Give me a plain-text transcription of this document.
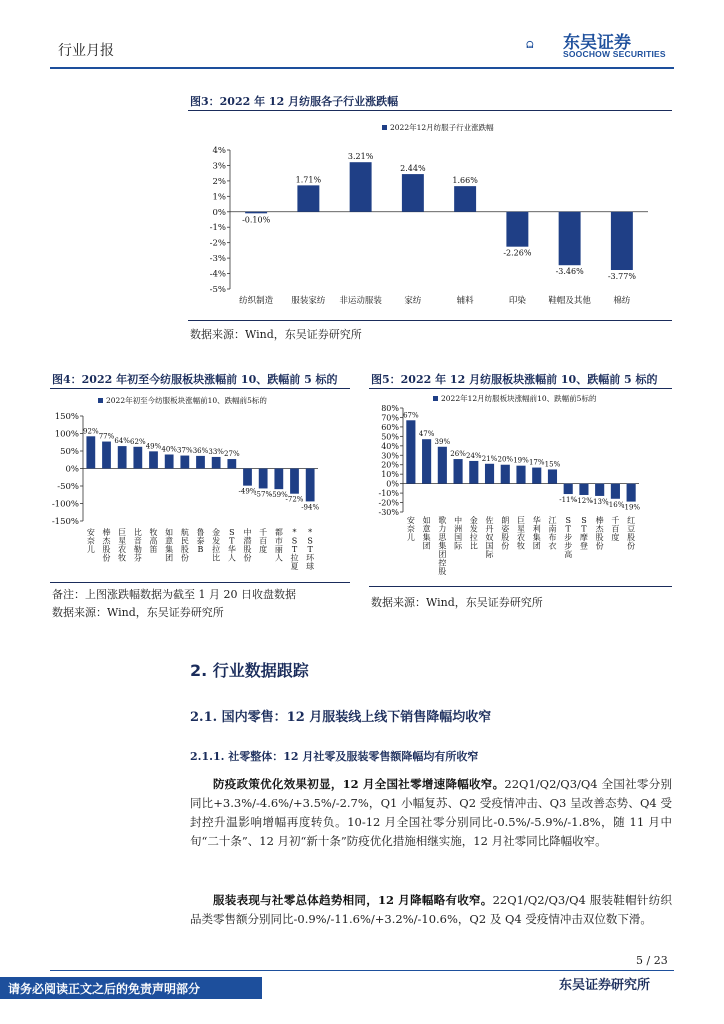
行业月报	SCS 东吴证券
SOOCHOW SECURITIES
图3：2022 年 12 月纺服各子行业涨跌幅
2022年12月纺服子行业涨跌幅
4%
3%
2%
1%
0%
-1%
-2%
-3%
-4%
-5%
-0.10%
纺织制造
1.71%
服装家纺
3.21%
非运动服装
2.44%
家纺
1.66%
辅料
-2.26%
印染
-3.46%
鞋帽及其他
-3.77%
棉纺
数据来源：Wind，东吴证券研究所
图4：2022 年初至今纺服板块涨幅前 10、跌幅前 5 标的
2022年初至今纺服板块涨幅前10、跌幅前5标的
150%
100%
50%
0%
-50%
-100%
-150%
92%
安奈儿
77%
棒杰股份
64%
巨星农牧
62%
比音勒芬
49%
牧高笛
40%
如意集团
37%
航民股份
36%
鲁泰 B
33%
金发拉比
27%
S T 华人
-49%
中潜股份
-57%
千百度
-59%
都市丽人
-72%
* S T 拉夏
-94%
* S T 环球
备注：上图涨跌幅数据为截至 1 月 20 日收盘数据
数据来源：Wind，东吴证券研究所
图5：2022 年 12 月纺服板块涨幅前 10、跌幅前 5 标的
2022年12月纺服板块涨幅前10、跌幅前5标的
80%
70%
60%
50%
40%
30%
20%
10%
0%
-10%
-20%
-30%
67%
安奈儿
47%
如意集团
39%
歌力思集团控股
26%
中洲国际
24%
金发拉比
21%
佐丹奴国际
20%
朗姿股份
19%
巨星农牧
17%
华利集团
15%
江南布衣
-11%
S T 步步高
-12%
S T 摩登
-13%
棒杰股份
-16%
千百度
-19%
红豆股份
数据来源：Wind，东吴证券研究所
2. 行业数据跟踪
2.1. 国内零售：12 月服装线上线下销售降幅均收窄
2.1.1. 社零整体：12 月社零及服装零售额降幅均有所收窄
防疫政策优化效果初显，12 月全国社零增速降幅收窄。22Q1/Q2/Q3/Q4 全国社零分别同比+3.3%/-4.6%/+3.5%/-2.7%，Q1 小幅复苏、Q2 受疫情冲击、Q3 呈改善态势、Q4 受封控升温影响增幅再度转负。10-12 月全国社零分别同比-0.5%/-5.9%/-1.8%，随 11 月中旬“二十条”、12 月初“新十条”防疫优化措施相继实施，12 月社零同比降幅收窄。
服装表现与社零总体趋势相同，12 月降幅略有收窄。22Q1/Q2/Q3/Q4 服装鞋帽针纺织品类零售额分别同比-0.9%/-11.6%/+3.2%/-10.6%，Q2 及 Q4 受疫情冲击双位数下滑。
5 / 23
请务必阅读正文之后的免责声明部分	东吴证券研究所
